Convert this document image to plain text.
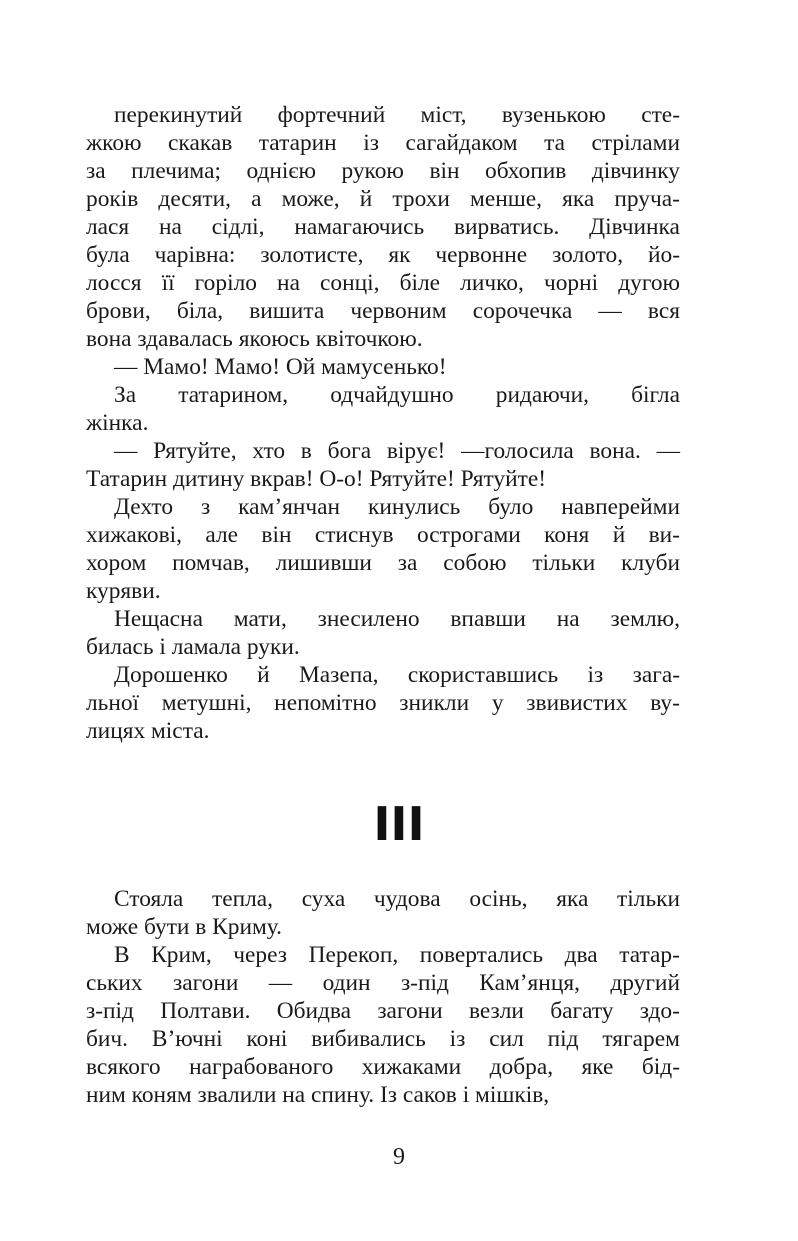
перекинутий фортечний міст, вузенькою сте-
жкою скакав татарин із сагайдаком та стрілами
за плечима; однією рукою він обхопив дівчинку
років десяти, а може, й трохи менше, яка пруча-
лася на сідлі, намагаючись вирватись. Дівчинка
була чарівна: золотисте, як червонне золото, йо-
лосся її горіло на сонці, біле личко, чорні дугою
брови, біла, вишита червоним сорочечка — вся
вона здавалась якоюсь квіточкою.
— Мамо! Мамо! Ой мамусенько!
За татарином, одчайдушно ридаючи, бігла
жінка.
— Рятуйте, хто в бога вірує! —голосила вона. —
Татарин дитину вкрав! О-о! Рятуйте! Рятуйте!
Дехто з кам’янчан кинулись було навперейми
хижакові, але він стиснув острогами коня й ви-
хором помчав, лишивши за собою тільки клуби
куряви.
Нещасна мати, знесилено впавши на землю,
билась і ламала руки.
Дорошенко й Мазепа, скориставшись із зага-
льної метушні, непомітно зникли у звивистих ву-
лицях міста.
III
Стояла тепла, суха чудова осінь, яка тільки
може бути в Криму.
В Крим, через Перекоп, повертались два татар-
ських загони — один з-під Кам’янця, другий
з-під Полтави. Обидва загони везли багату здо-
бич. В’ючні коні вибивались із сил під тягарем
всякого награбованого хижаками добра, яке бід-
ним коням звалили на спину. Із саков і мішків,
9
